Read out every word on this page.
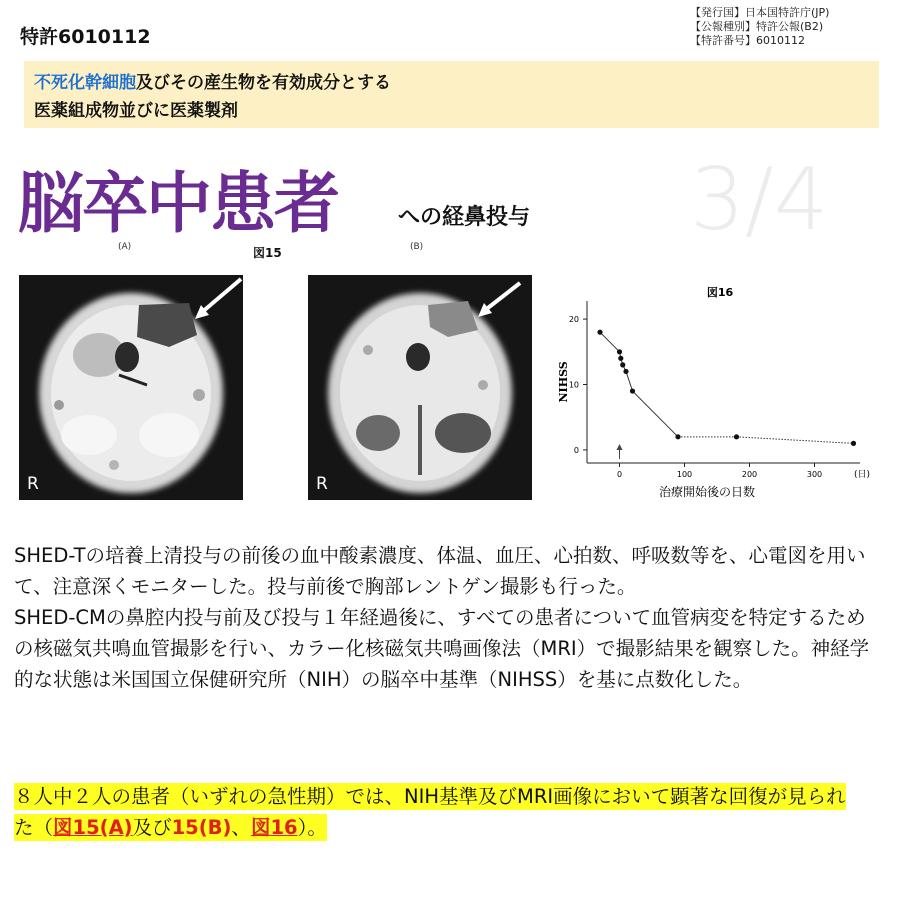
特許6010112
【発行国】日本国特許庁(JP)
【公報種別】特許公報(B2)
【特許番号】6010112
不死化幹細胞及びその産生物を有効成分とする
医薬組成物並びに医薬製剤
脳卒中患者	への経鼻投与 3/4
(A)	図15	(B)
R	R
図16
0
10
20
0	100	200	300
NIHSS
(日)
治療開始後の日数
SHED-Tの培養上清投与の前後の血中酸素濃度、体温、血圧、心拍数、呼吸数等を、心電図を用いて、注意深くモニターした。投与前後で胸部レントゲン撮影も行った。
SHED-CMの鼻腔内投与前及び投与１年経過後に、すべての患者について血管病変を特定するための核磁気共鳴血管撮影を行い、カラー化核磁気共鳴画像法（MRI）で撮影結果を観察した。神経学的な状態は米国国立保健研究所（NIH）の脳卒中基準（NIHSS）を基に点数化した。
８人中２人の患者（いずれの急性期）では、NIH基準及びMRI画像において顕著な回復が見られた（図15(A)及び15(B)、図16）。
